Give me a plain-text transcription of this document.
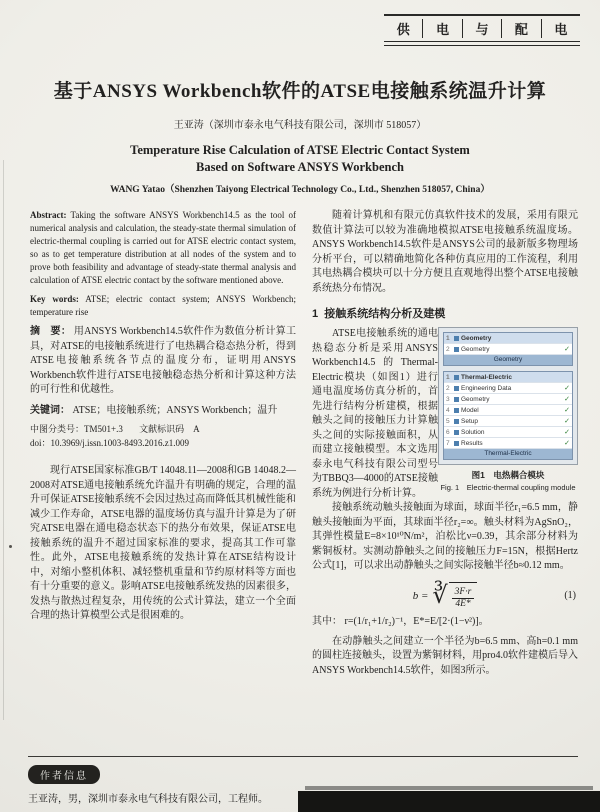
供	电	与	配	电
基于ANSYS Workbench软件的ATSE电接触系统温升计算

王亚涛（深圳市泰永电气科技有限公司，深圳市 518057）

Temperature Rise Calculation of ATSE Electric Contact System
Based on Software ANSYS Workbench

WANG Yatao（Shenzhen Taiyong Electrical Technology Co., Ltd., Shenzhen 518057, China）

Abstract: Taking the software ANSYS Workbench14.5 as the tool of numerical analysis and calculation, the steady-state thermal simulation of electric-thermal coupling is carried out for ATSE electric contact system, so as to get temperature distribution at all nodes of the system and to prove both feasibility and advantage of steady-state thermal analysis and calculation of ATSE electric contact by the software mentioned above.

Key words: ATSE; electric contact system; ANSYS Workbench; temperature rise

摘　要： 用ANSYS Workbench14.5软件作为数值分析计算工具，对ATSE的电接触系统进行了电热耦合稳态热分析，得到ATSE电接触系统各节点的温度分布，证明用ANSYS Workbench软件进行ATSE电接触稳态热分析和计算这种方法的可行性和优越性。

关键词： ATSE；电接触系统；ANSYS Workbench；温升

中图分类号：TM501+.3 文献标识码　A

doi：10.3969/j.issn.1003-8493.2016.z1.009

现行ATSE国家标准GB/T 14048.11—2008和GB 14048.2—2008对ATSE通电接触系统允许温升有明确的规定，合理的温升可保证ATSE接触系统不会因过热过高而降低其机械性能和减少工作寿命，ATSE电器的温度场仿真与温升计算是为了研究ATSE电器在通电稳态状态下的热分布效果，保证ATSE电接触系统的温升不超过国家标准的要求，提高其工作可靠性。此外，ATSE电接触系统的发热计算在ATSE结构设计中，对缩小整机体积、减轻整机重量和节约原材料等方面也有十分重要的意义。影响ATSE电接触系统发热的因素很多，发热与散热过程复杂，用传统的公式计算法，建立一个全面合理的热计算模型公式是很困难的。

随着计算机和有限元仿真软件技术的发展，采用有限元数值计算法可以较为准确地模拟ATSE电接触系统温度场。ANSYS Workbench14.5软件是ANSYS公司的最新版多物理场分析平台，可以精确地简化各种仿真应用的工作流程，利用其电热耦合模块可以十分方便且直观地得出整个ATSE电接触系统热分布情况。

1 接触系统结构分析及建模
1	Geometry
2	Geometry	✓
Geometry
1	Thermal-Electric
2	Engineering Data	✓
3	Geometry	✓
4	Model	✓
5	Setup	✓
6	Solution	✓
7	Results	✓
Thermal-Electric
图1　电热耦合模块
Fig. 1　Electric-thermal coupling module

ATSE电接触系统的通电热稳态分析是采用ANSYS Workbench14.5的Thermal-Electric模块（如图1）进行通电温度场仿真分析的，首先进行结构分析建模，根据触头之间的接触压力计算触头之间的实际接触面积，从而建立接触模型。本文选用泰永电气科技有限公司型号为TBBQ3—4000的ATSE接触系统为例进行分析计算。

接触系统动触头接触面为球面，球面半径r₁=6.5 mm，静触头接触面为平面，其球面半径r₂=∞。触头材料为AgSnO₂，其弹性模量E=8×10¹⁰N/m²，泊松比ν=0.39，其余部分材料为紫铜板材。实测动静触头之间的接触压力F=15N，根据Hertz公式[1]，可以求出动静触头之间实际接触半径b≈0.12 mm。

b
= ∛ $\frac{3F\cdot r}{4E*}$	(1)

其中： r=(1/r₁+1/r₂)⁻¹，E*=E/[2·(1−ν²)]。

在动静触头之间建立一个半径为b=6.5 mm、高h=0.1 mm的圆柱连接触头，设置为紫铜材料，用pro4.0软件建模后导入ANSYS Workbench14.5软件，如图3所示。

作者信息

王亚涛，男，深圳市泰永电气科技有限公司，工程师。
